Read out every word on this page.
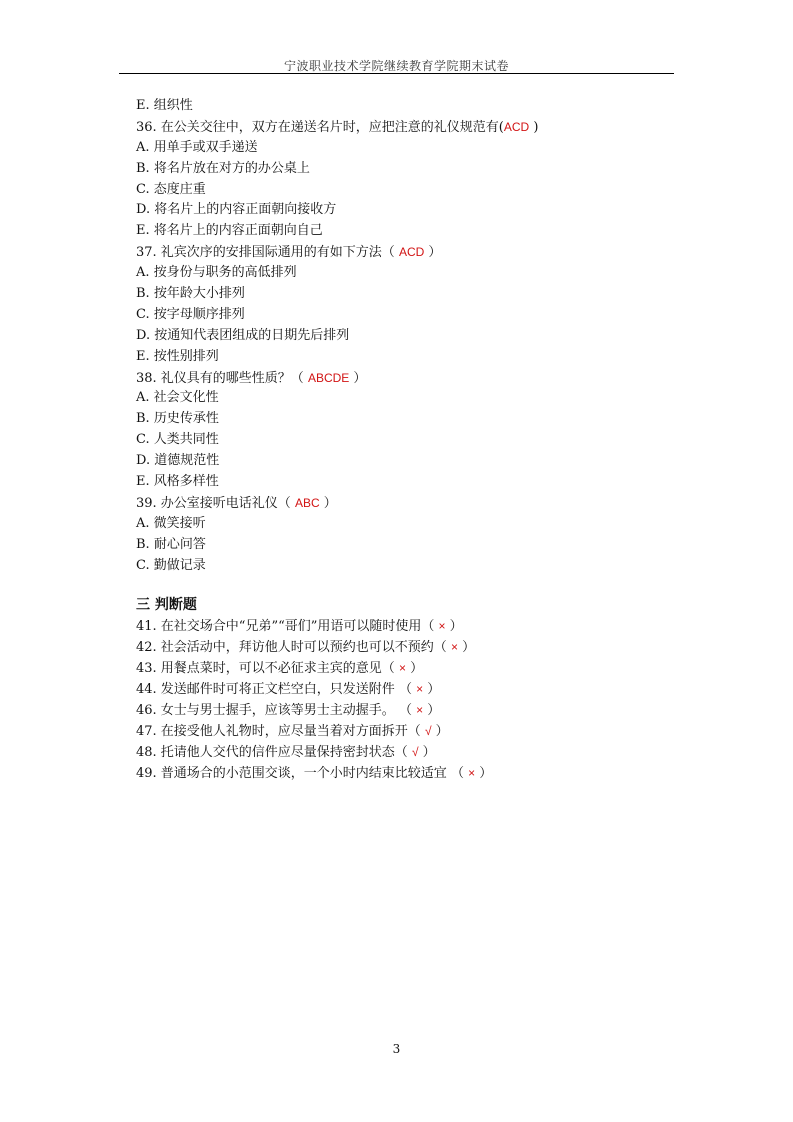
宁波职业技术学院继续教育学院期末试卷
E. 组织性
36. 在公关交往中，双方在递送名片时，应把注意的礼仪规范有(ACD )
A. 用单手或双手递送
B. 将名片放在对方的办公桌上
C. 态度庄重
D. 将名片上的内容正面朝向接收方
E. 将名片上的内容正面朝向自己
37. 礼宾次序的安排国际通用的有如下方法（ ACD ）
A. 按身份与职务的高低排列
B. 按年龄大小排列
C. 按字母顺序排列
D. 按通知代表团组成的日期先后排列
E. 按性别排列
38. 礼仪具有的哪些性质？（ ABCDE ）
A. 社会文化性
B. 历史传承性
C. 人类共同性
D. 道德规范性
E. 风格多样性
39. 办公室接听电话礼仪（ ABC ）
A. 微笑接听
B. 耐心问答
C. 勤做记录
三 判断题
41. 在社交场合中“兄弟”“哥们”用语可以随时使用（ × ）
42. 社会活动中，拜访他人时可以预约也可以不预约（ × ）
43. 用餐点菜时，可以不必征求主宾的意见（ × ）
44. 发送邮件时可将正文栏空白，只发送附件 （ × ）
46. 女士与男士握手，应该等男士主动握手。 （ × ）
47. 在接受他人礼物时，应尽量当着对方面拆开（ √ ）
48. 托请他人交代的信件应尽量保持密封状态（ √ ）
49. 普通场合的小范围交谈，一个小时内结束比较适宜 （ × ）
3
